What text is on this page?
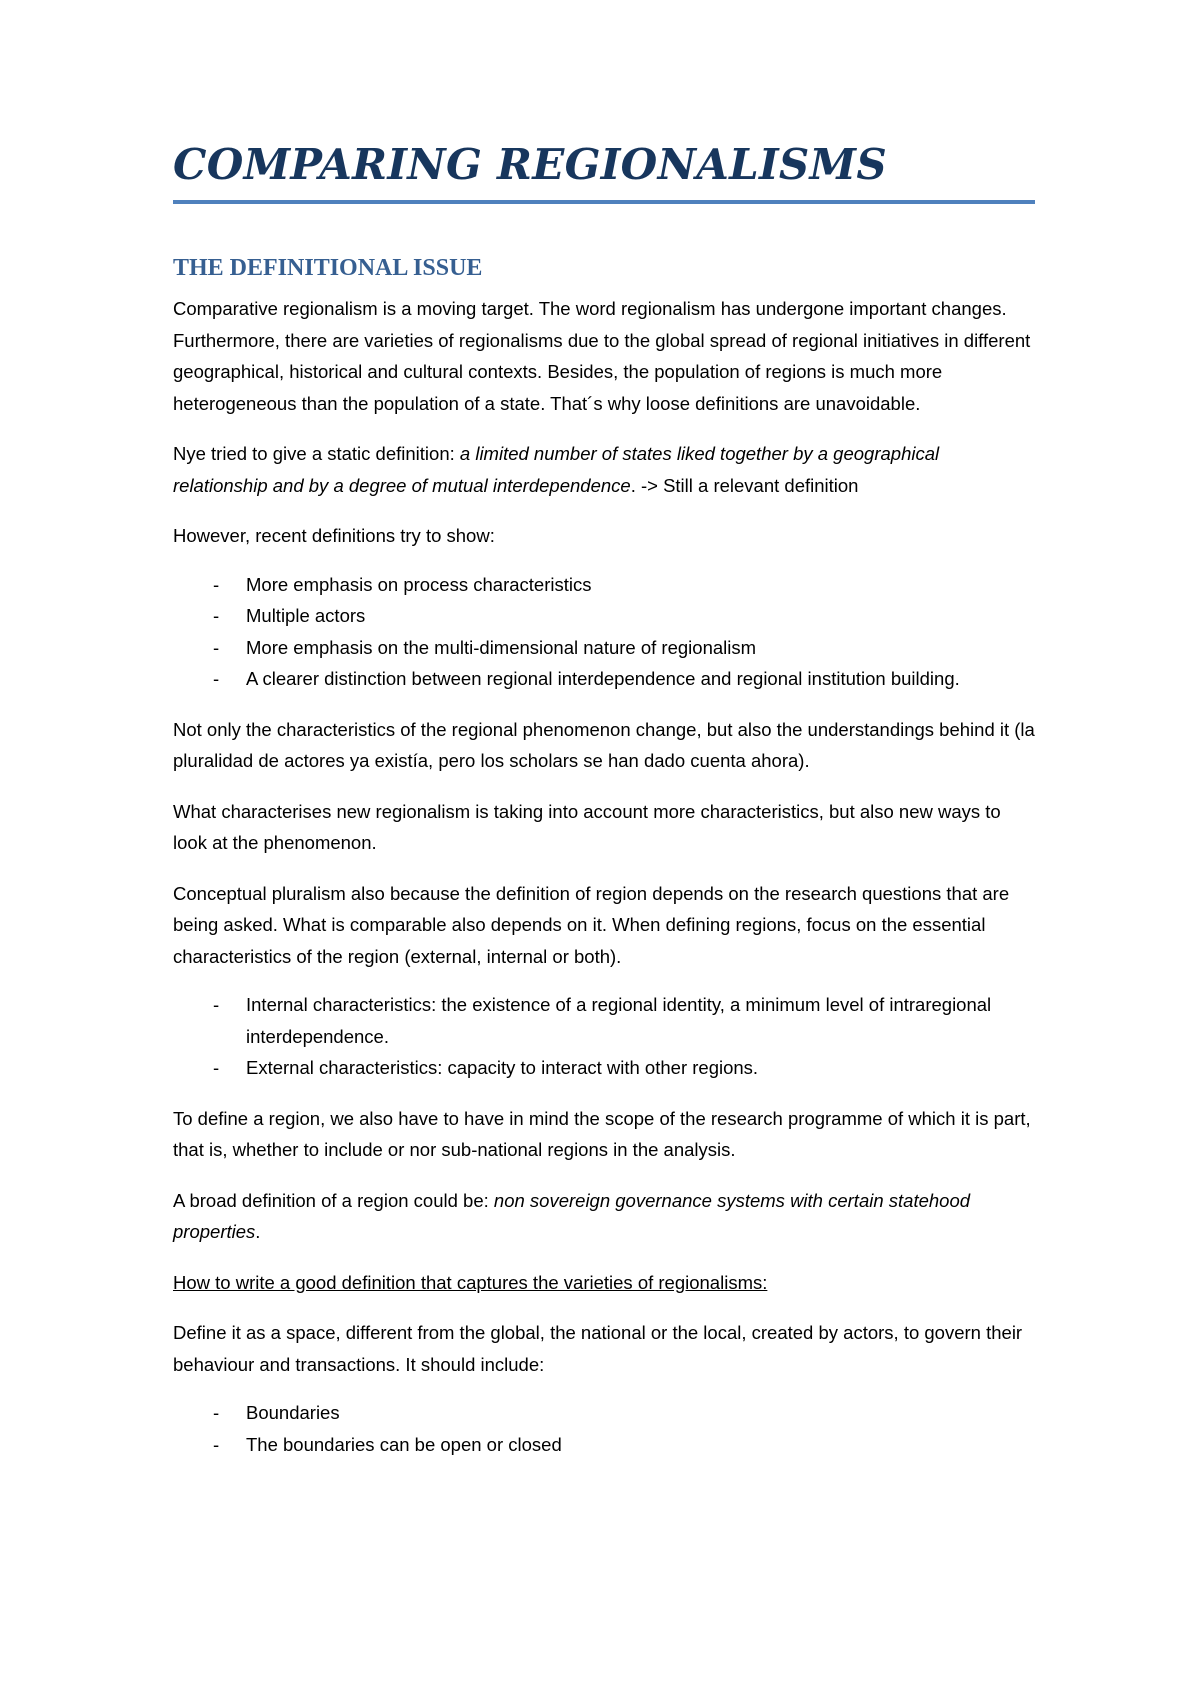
COMPARING REGIONALISMS
THE DEFINITIONAL ISSUE

Comparative regionalism is a moving target. The word regionalism has undergone important changes. Furthermore, there are varieties of regionalisms due to the global spread of regional initiatives in different geographical, historical and cultural contexts. Besides, the population of regions is much more heterogeneous than the population of a state. That´s why loose definitions are unavoidable.

Nye tried to give a static definition: a limited number of states liked together by a geographical relationship and by a degree of mutual interdependence. -> Still a relevant definition

However, recent definitions try to show:

- More emphasis on process characteristics
- Multiple actors
- More emphasis on the multi-dimensional nature of regionalism
- A clearer distinction between regional interdependence and regional institution building.

Not only the characteristics of the regional phenomenon change, but also the understandings behind it (la pluralidad de actores ya existía, pero los scholars se han dado cuenta ahora).

What characterises new regionalism is taking into account more characteristics, but also new ways to look at the phenomenon.

Conceptual pluralism also because the definition of region depends on the research questions that are being asked. What is comparable also depends on it. When defining regions, focus on the essential characteristics of the region (external, internal or both).

- Internal characteristics: the existence of a regional identity, a minimum level of intraregional interdependence.
- External characteristics: capacity to interact with other regions.

To define a region, we also have to have in mind the scope of the research programme of which it is part, that is, whether to include or nor sub-national regions in the analysis.

A broad definition of a region could be: non sovereign governance systems with certain statehood properties.

How to write a good definition that captures the varieties of regionalisms:

Define it as a space, different from the global, the national or the local, created by actors, to govern their behaviour and transactions. It should include:

- Boundaries
- The boundaries can be open or closed
